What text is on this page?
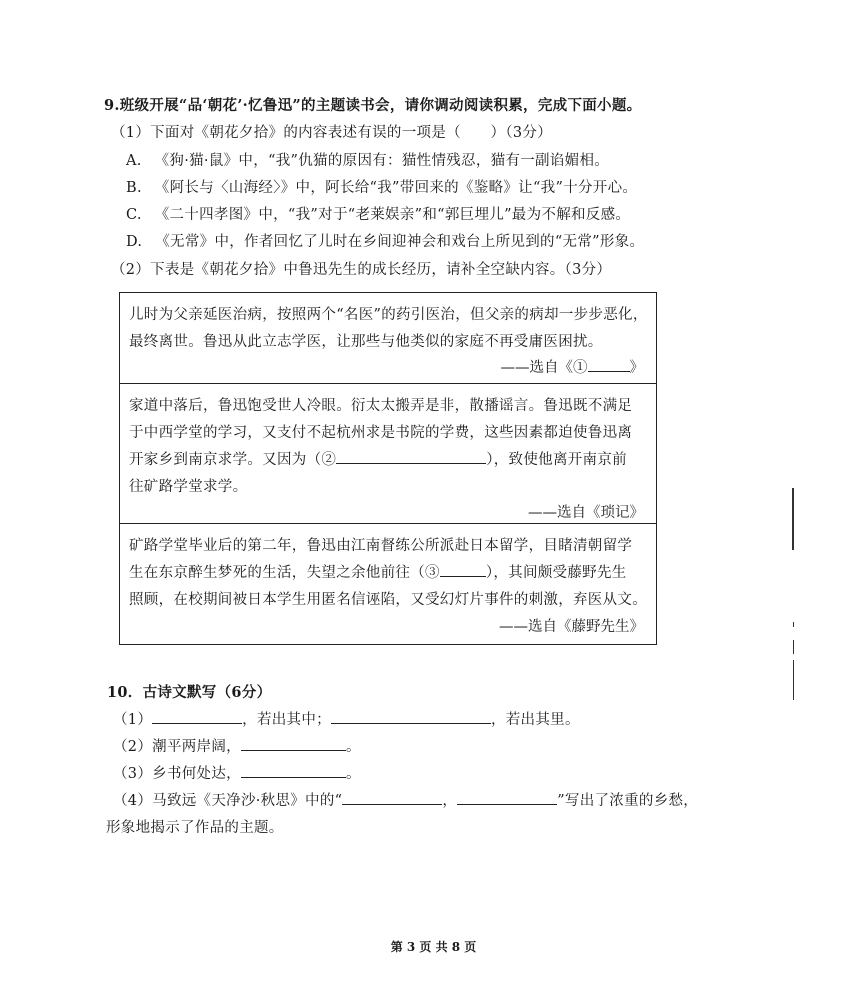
9.班级开展“品‘朝花’·忆鲁迅”的主题读书会，请你调动阅读积累，完成下面小题。
（1）下面对《朝花夕拾》的内容表述有误的一项是（　　）（3分）
A. 《狗·猫·鼠》中，“我”仇猫的原因有：猫性情残忍，猫有一副谄媚相。
B. 《阿长与〈山海经〉》中，阿长给“我”带回来的《鉴略》让“我”十分开心。
C. 《二十四孝图》中，“我”对于“老莱娱亲”和“郭巨埋儿”最为不解和反感。
D. 《无常》中，作者回忆了儿时在乡间迎神会和戏台上所见到的“无常”形象。
（2）下表是《朝花夕拾》中鲁迅先生的成长经历，请补全空缺内容。（3分）
儿时为父亲延医治病，按照两个“名医”的药引医治，但父亲的病却一步步恶化，
最终离世。鲁迅从此立志学医，让那些与他类似的家庭不再受庸医困扰。
——选自《①	》
家道中落后，鲁迅饱受世人冷眼。衍太太搬弄是非，散播谣言。鲁迅既不满足
于中西学堂的学习，又支付不起杭州求是书院的学费，这些因素都迫使鲁迅离
开家乡到南京求学。又因为（②	），致使他离开南京前
往矿路学堂求学。
——选自《琐记》
矿路学堂毕业后的第二年，鲁迅由江南督练公所派赴日本留学，目睹清朝留学
生在东京醉生梦死的生活，失望之余他前往（③	），其间颇受藤野先生
照顾，在校期间被日本学生用匿名信诬陷，又受幻灯片事件的刺激，弃医从文。
——选自《藤野先生》
10．古诗文默写（6分）
（1）	，若出其中；	，若出其里。
（2）潮平两岸阔，	。
（3）乡书何处达，	。
（4）马致远《天净沙·秋思》中的“	，	”写出了浓重的乡愁，
形象地揭示了作品的主题。
第 3 页 共 8 页
